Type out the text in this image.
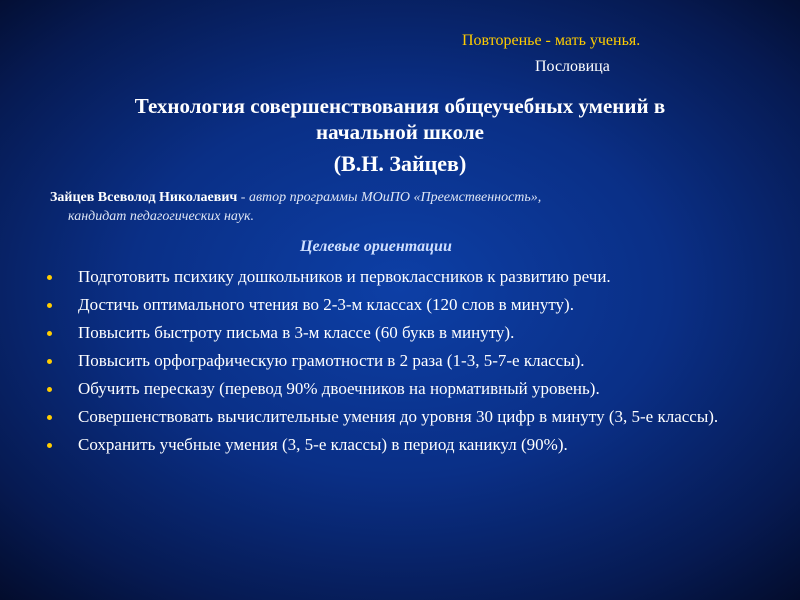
Повторенье - мать ученья.
Пословица
Технология совершенствования общеучебных умений в
начальной школе
(В.Н. Зайцев)
Зайцев Всеволод Николаевич - автор программы МОиПО «Преемственность»,
кандидат педагогических наук.
Целевые ориентации
Подготовить психику дошкольников и первоклассников к развитию речи.
Достичь оптимального чтения во 2-3-м классах (120 слов в минуту).
Повысить быстроту письма в 3-м классе (60 букв в минуту).
Повысить орфографическую грамотности в 2 раза (1-3, 5-7-е классы).
Обучить пересказу (перевод 90% двоечников на нормативный уровень).
Совершенствовать вычислительные умения до уровня 30 цифр в минуту (3, 5-е классы).
Сохранить учебные умения (3, 5-е классы) в период каникул (90%).
